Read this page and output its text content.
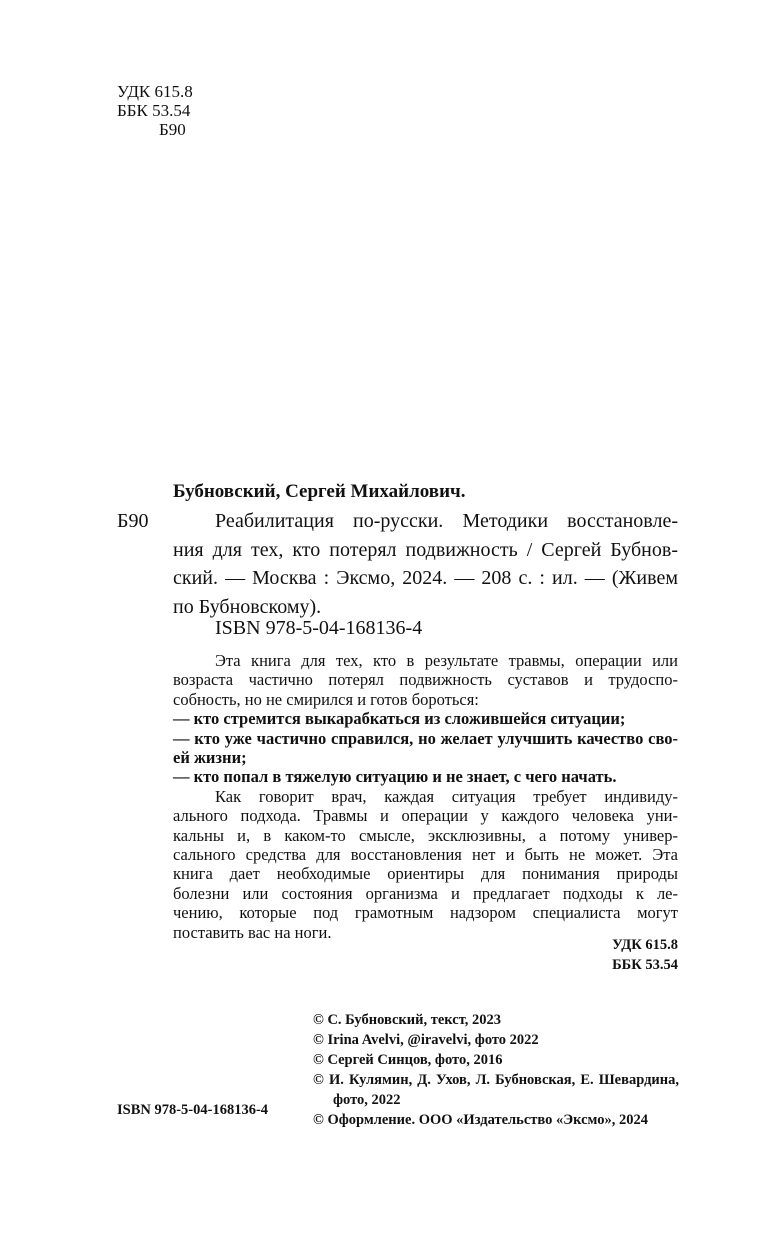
УДК 615.8
ББК 53.54
Б90
Бубновский, Сергей Михайлович.
Б90	Реабилитация по-русски. Методики восстановле-
ния для тех, кто потерял подвижность / Сергей Бубнов-
ский. — Москва : Эксмо, 2024. — 208 с. : ил. — (Живем
по Бубновскому).
ISBN 978-5-04-168136-4
Эта книга для тех, кто в результате травмы, операции или
возраста частично потерял подвижность суставов и трудоспо-
собность, но не смирился и готов бороться:
— кто стремится выкарабкаться из сложившейся ситуации;
— кто уже частично справился, но желает улучшить качество сво-
ей жизни;
— кто попал в тяжелую ситуацию и не знает, с чего начать.
Как говорит врач, каждая ситуация требует индивиду-
ального подхода. Травмы и операции у каждого человека уни-
кальны и, в каком-то смысле, эксклюзивны, а потому универ-
сального средства для восстановления нет и быть не может. Эта
книга дает необходимые ориентиры для понимания природы
болезни или состояния организма и предлагает подходы к ле-
чению, которые под грамотным надзором специалиста могут
поставить вас на ноги.
УДК 615.8
ББК 53.54
© С. Бубновский, текст, 2023
© Irina Avelvi, @iravelvi, фото 2022
© Сергей Синцов, фото, 2016
© И. Кулямин, Д. Ухов, Л. Бубновская, Е. Шевардина,
фото, 2022
© Оформление. ООО «Издательство «Эксмо», 2024
ISBN 978-5-04-168136-4
